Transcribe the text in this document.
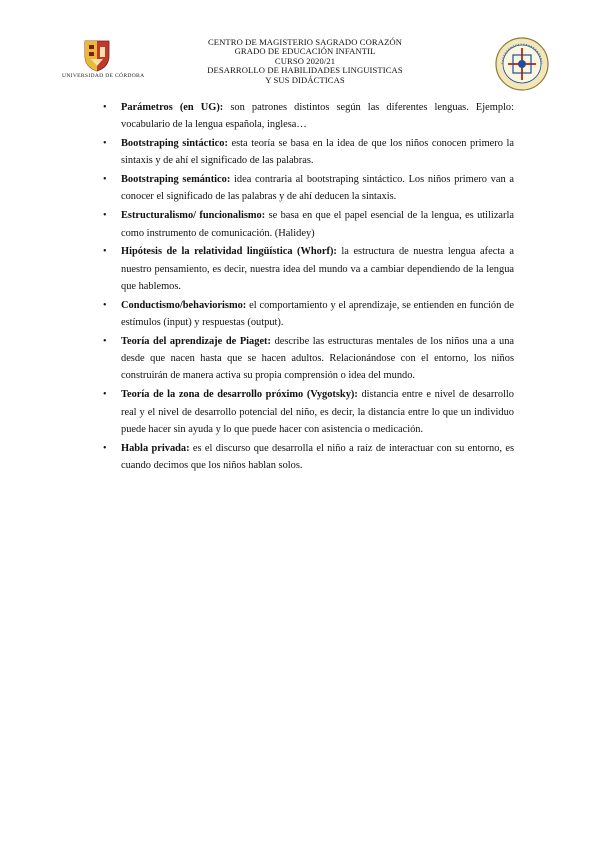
UNIVERSIDAD DE CÓRDOBA
CENTRO DE MAGISTERIO SAGRADO CORAZÓN
GRADO DE EDUCACIÓN INFANTIL
CURSO 2020/21
DESARROLLO DE HABILIDADES LINGUISTICAS
Y SUS DIDÁCTICAS
• Parámetros (en UG): son patrones distintos según las diferentes lenguas. Ejemplo: vocabulario de la lengua española, inglesa…
• Bootstraping sintáctico: esta teoría se basa en la idea de que los niños conocen primero la sintaxis y de ahí el significado de las palabras.
• Bootstraping semántico: idea contraria al bootstraping sintáctico. Los niños primero van a conocer el significado de las palabras y de ahí deducen la sintaxis.
• Estructuralismo/ funcionalismo: se basa en que el papel esencial de la lengua, es utilizarla como instrumento de comunicación. (Halidey)
• Hipótesis de la relatividad lingüística (Whorf): la estructura de nuestra lengua afecta a nuestro pensamiento, es decir, nuestra idea del mundo va a cambiar dependiendo de la lengua que hablemos.
• Conductismo/behaviorismo: el comportamiento y el aprendizaje, se entienden en función de estímulos (input) y respuestas (output).
• Teoría del aprendizaje de Piaget: describe las estructuras mentales de los niños una a una desde que nacen hasta que se hacen adultos. Relacionándose con el entorno, los niños construirán de manera activa su propia comprensión o idea del mundo.
• Teoría de la zona de desarrollo próximo (Vygotsky): distancia entre e nivel de desarrollo real y el nivel de desarrollo potencial del niño, es decir, la distancia entre lo que un individuo puede hacer sin ayuda y lo que puede hacer con asistencia o medicación.
• Habla privada: es el discurso que desarrolla el niño a raíz de interactuar con su entorno, es cuando decimos que los niños hablan solos.
